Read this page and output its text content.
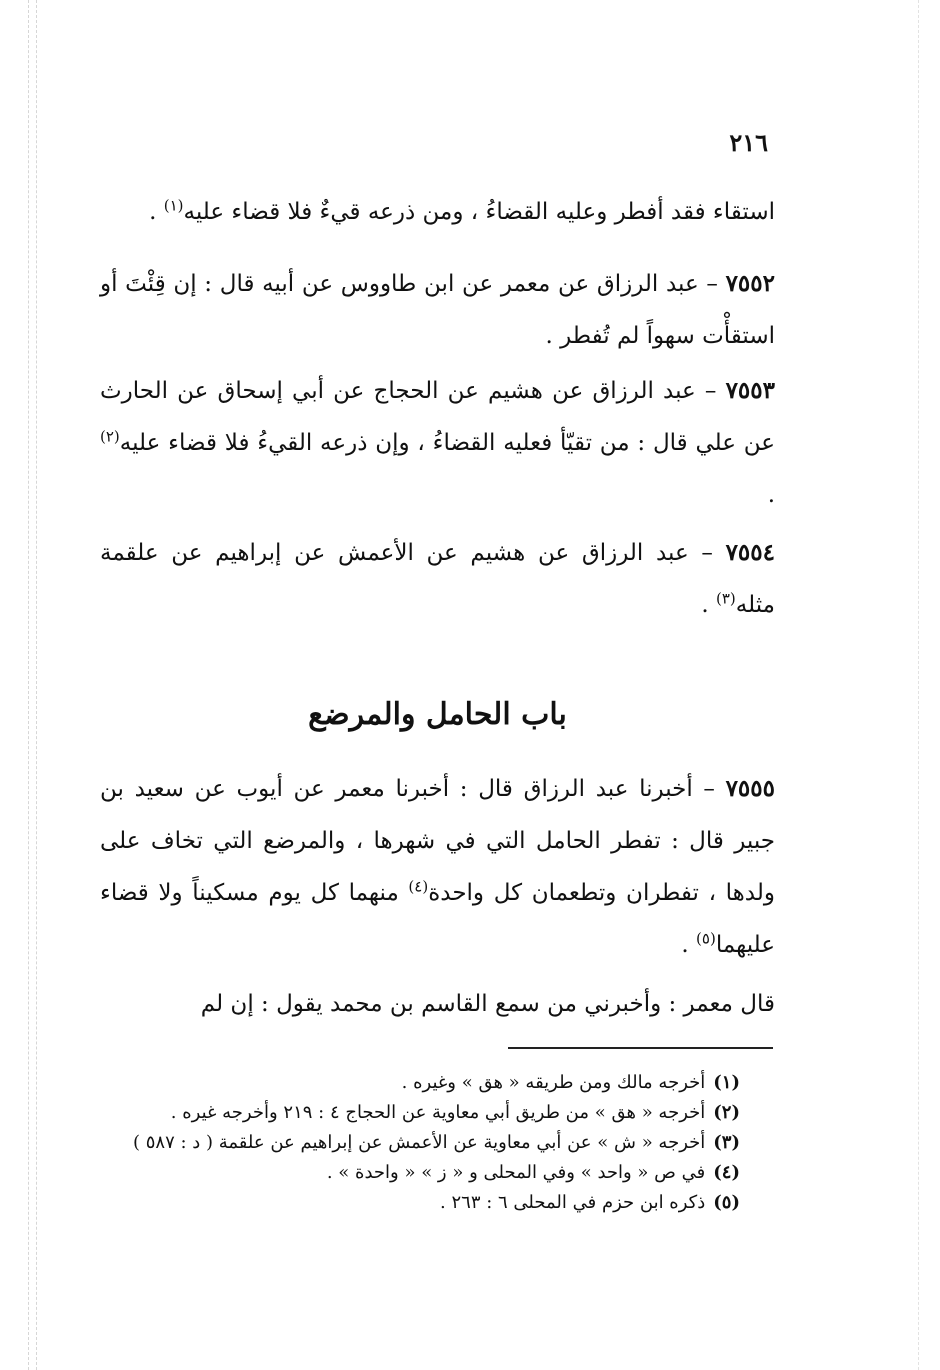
٢١٦

استقاء فقد أفطر وعليه القضاءُ ، ومن ذرعه قيءٌ فلا قضاء عليه$^{(١)}$ .

٧٥٥٢ – عبد الرزاق عن معمر عن ابن طاووس عن أبيه قال : إن قِئْتَ أو استقأْت سهواً لم تُفطر .

٧٥٥٣ – عبد الرزاق عن هشيم عن الحجاج عن أبي إسحاق عن الحارث عن علي قال : من تقيّأ فعليه القضاءُ ، وإن ذرعه القيءُ فلا قضاء عليه$^{(٢)}$ .

٧٥٥٤ – عبد الرزاق عن هشيم عن الأعمش عن إبراهيم عن علقمة مثله$^{(٣)}$ .

باب الحامل والمرضع

٧٥٥٥ – أخبرنا عبد الرزاق قال : أخبرنا معمر عن أيوب عن سعيد بن جبير قال : تفطر الحامل التي في شهرها ، والمرضع التي تخاف على ولدها ، تفطران وتطعمان كل واحدة$^{(٤)}$ منهما كل يوم مسكيناً ولا قضاء عليهما$^{(٥)}$ .

قال معمر : وأخبرني من سمع القاسم بن محمد يقول : إن لم

(١)أخرجه مالك ومن طريقه « هق » وغيره .

(٢)أخرجه « هق » من طريق أبي معاوية عن الحجاج ٤ : ٢١٩ وأخرجه غيره .

(٣)أخرجه « ش » عن أبي معاوية عن الأعمش عن إبراهيم عن علقمة ( د : ٥٨٧ )

(٤)في ص « واحد » وفي المحلى و « ز » « واحدة » .

(٥)ذكره ابن حزم في المحلى ٦ : ٢٦٣ .
